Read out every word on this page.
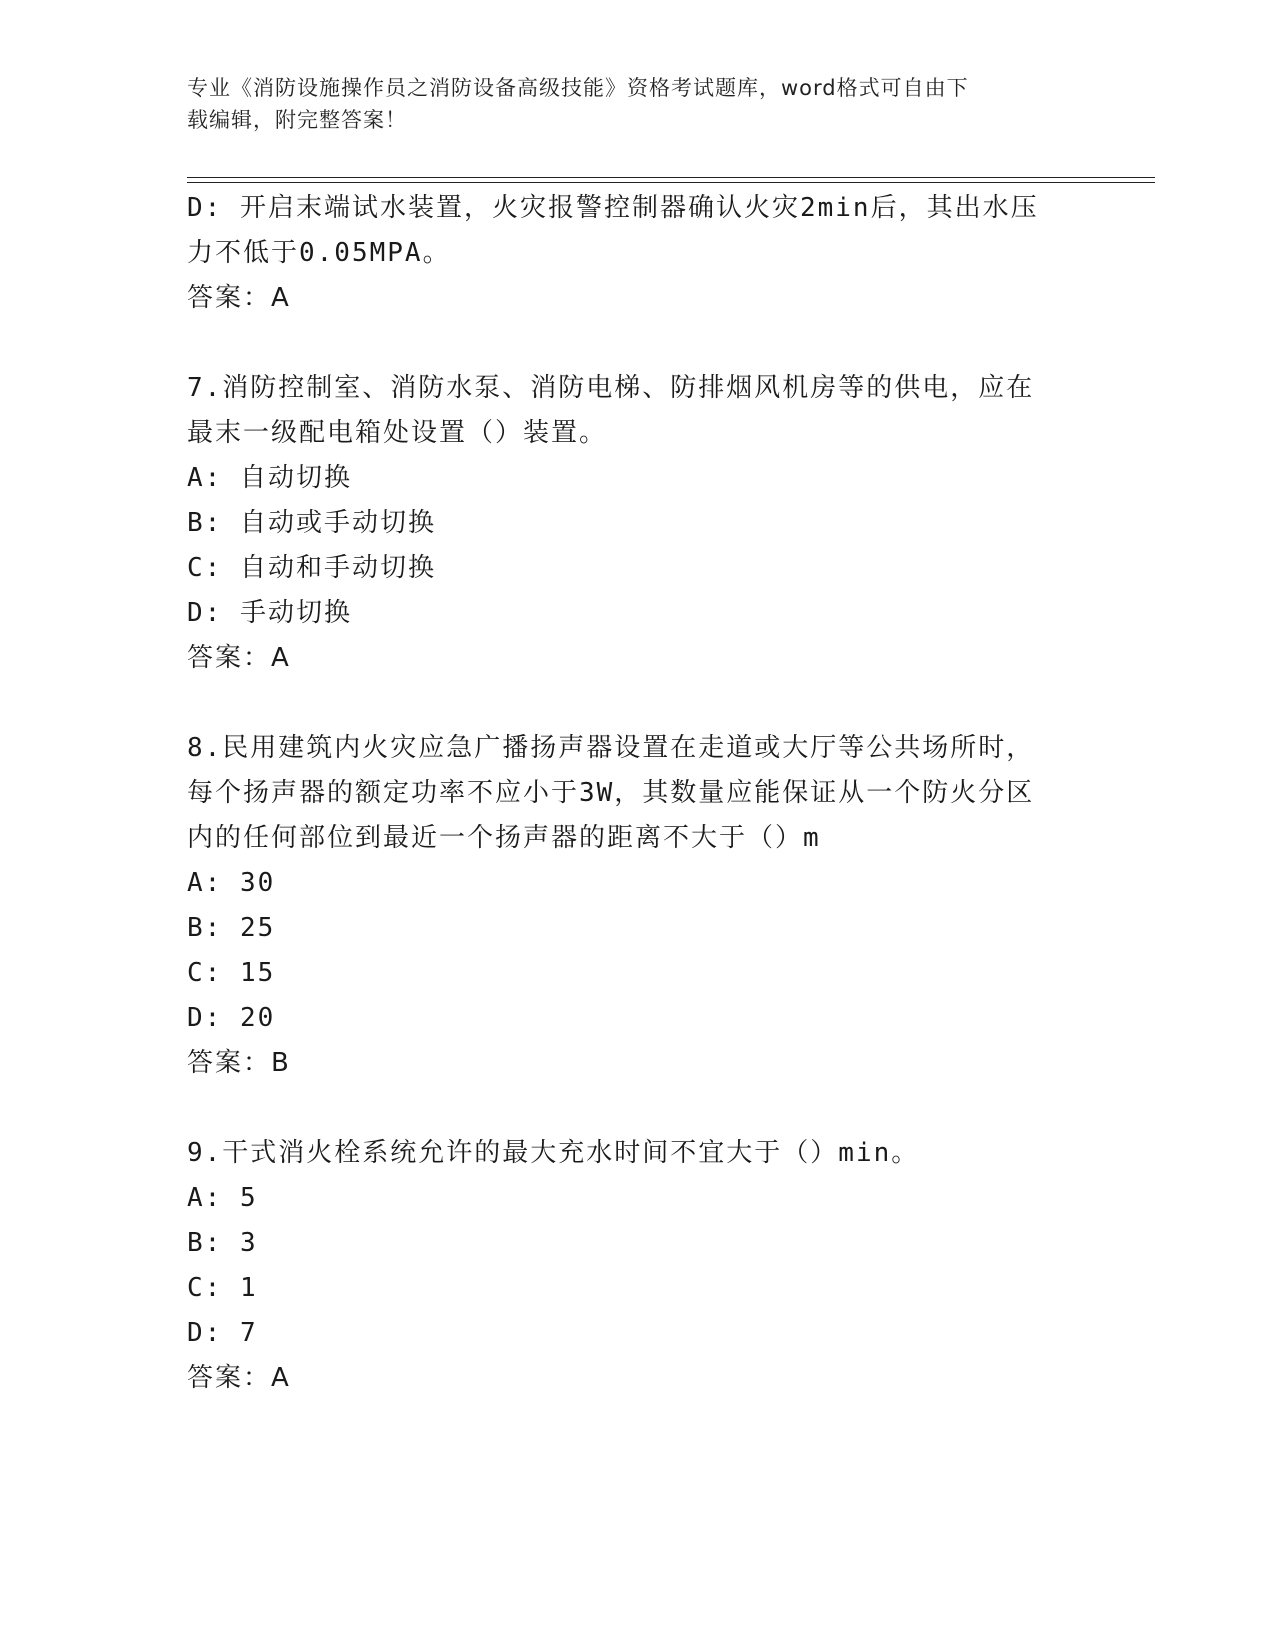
专业《消防设施操作员之消防设备高级技能》资格考试题库，word格式可自由下
载编辑，附完整答案！
D: 开启末端试水装置，火灾报警控制器确认火灾2min后，其出水压
力不低于0.05MPA。
答案：A
7.消防控制室、消防水泵、消防电梯、防排烟风机房等的供电，应在
最末一级配电箱处设置（）装置。
A: 自动切换
B: 自动或手动切换
C: 自动和手动切换
D: 手动切换
答案：A
8.民用建筑内火灾应急广播扬声器设置在走道或大厅等公共场所时，
每个扬声器的额定功率不应小于3W，其数量应能保证从一个防火分区
内的任何部位到最近一个扬声器的距离不大于（）m
A: 30
B: 25
C: 15
D: 20
答案：B
9.干式消火栓系统允许的最大充水时间不宜大于（）min。
A: 5
B: 3
C: 1
D: 7
答案：A
